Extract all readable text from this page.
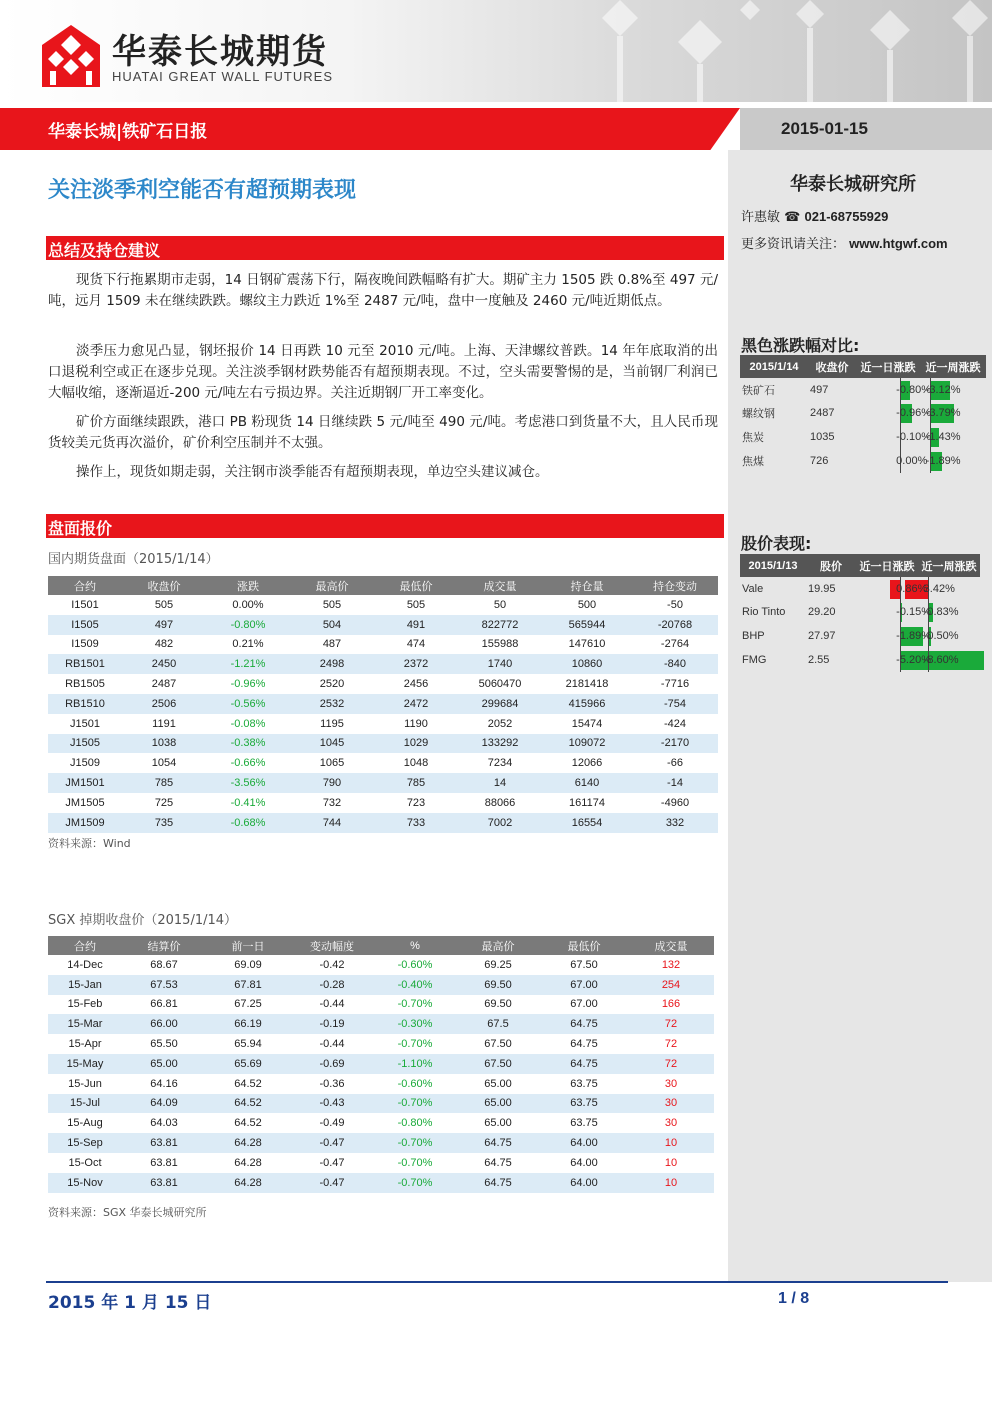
华泰长城期货
HUATAI GREAT WALL FUTURES
华泰长城|铁矿石日报	2015-01-15
关注淡季利空能否有超预期表现
总结及持仓建议

现货下行拖累期市走弱，14 日钢矿震荡下行，隔夜晚间跌幅略有扩大。期矿主力 1505 跌 0.8%至 497 元/吨，远月 1509 未在继续跌跌。螺纹主力跌近 1%至 2487 元/吨，盘中一度触及 2460 元/吨近期低点。

淡季压力愈见凸显，钢坯报价 14 日再跌 10 元至 2010 元/吨。上海、天津螺纹普跌。14 年年底取消的出口退税利空或正在逐步兑现。关注淡季钢材跌势能否有超预期表现。不过，空头需要警惕的是，当前钢厂利润已大幅收缩，逐渐逼近-200 元/吨左右亏损边界。关注近期钢厂开工率变化。

矿价方面继续跟跌，港口 PB 粉现货 14 日继续跌 5 元/吨至 490 元/吨。考虑港口到货量不大，且人民币现货较美元货再次溢价，矿价利空压制并不太强。

操作上，现货如期走弱，关注钢市淡季能否有超预期表现，单边空头建议减仓。

盘面报价
国内期货盘面（2015/1/14）
合约	收盘价	涨跌	最高价	最低价	成交量	持仓量	持仓变动
I1501	505	0.00%	505	505	50	500	-50
I1505	497	-0.80%	504	491	822772	565944	-20768
I1509	482	0.21%	487	474	155988	147610	-2764
RB1501	2450	-1.21%	2498	2372	1740	10860	-840
RB1505	2487	-0.96%	2520	2456	5060470	2181418	-7716
RB1510	2506	-0.56%	2532	2472	299684	415966	-754
J1501	1191	-0.08%	1195	1190	2052	15474	-424
J1505	1038	-0.38%	1045	1029	133292	109072	-2170
J1509	1054	-0.66%	1065	1048	7234	12066	-66
JM1501	785	-3.56%	790	785	14	6140	-14
JM1505	725	-0.41%	732	723	88066	161174	-4960
JM1509	735	-0.68%	744	733	7002	16554	332
资料来源：Wind
SGX 掉期收盘价（2015/1/14）
合约	结算价	前一日	变动幅度	%	最高价	最低价	成交量
14-Dec	68.67	69.09	-0.42	-0.60%	69.25	67.50	132
15-Jan	67.53	67.81	-0.28	-0.40%	69.50	67.00	254
15-Feb	66.81	67.25	-0.44	-0.70%	69.50	67.00	166
15-Mar	66.00	66.19	-0.19	-0.30%	67.5	64.75	72
15-Apr	65.50	65.94	-0.44	-0.70%	67.50	64.75	72
15-May	65.00	65.69	-0.69	-1.10%	67.50	64.75	72
15-Jun	64.16	64.52	-0.36	-0.60%	65.00	63.75	30
15-Jul	64.09	64.52	-0.43	-0.70%	65.00	63.75	30
15-Aug	64.03	64.52	-0.49	-0.80%	65.00	63.75	30
15-Sep	63.81	64.28	-0.47	-0.70%	64.75	64.00	10
15-Oct	63.81	64.28	-0.47	-0.70%	64.75	64.00	10
15-Nov	63.81	64.28	-0.47	-0.70%	64.75	64.00	10
资料来源：SGX 华泰长城研究所
华泰长城研究所
许惠敏 ☎ 021-68755929
更多资讯请关注： www.htgwf.com
黑色涨跌幅对比:
2015/1/14	收盘价	近一日涨跌	近一周涨跌
铁矿石	497	-0.80%	-3.12%

螺纹钢	2487	-0.96%	-3.79%

焦炭	1035	-0.10%	-1.43%

焦煤	726	0.00%	-1.89%
股价表现:
2015/1/13	股价	近一日涨跌	近一周涨跌
Vale	19.95	0.86%	3.42%

Rio Tinto	29.20	-0.15%	-0.83%

BHP	27.97	-1.89%	-0.50%

FMG	2.55	-5.20%	-8.60%
2015 年 1 月 15 日	1 / 8
